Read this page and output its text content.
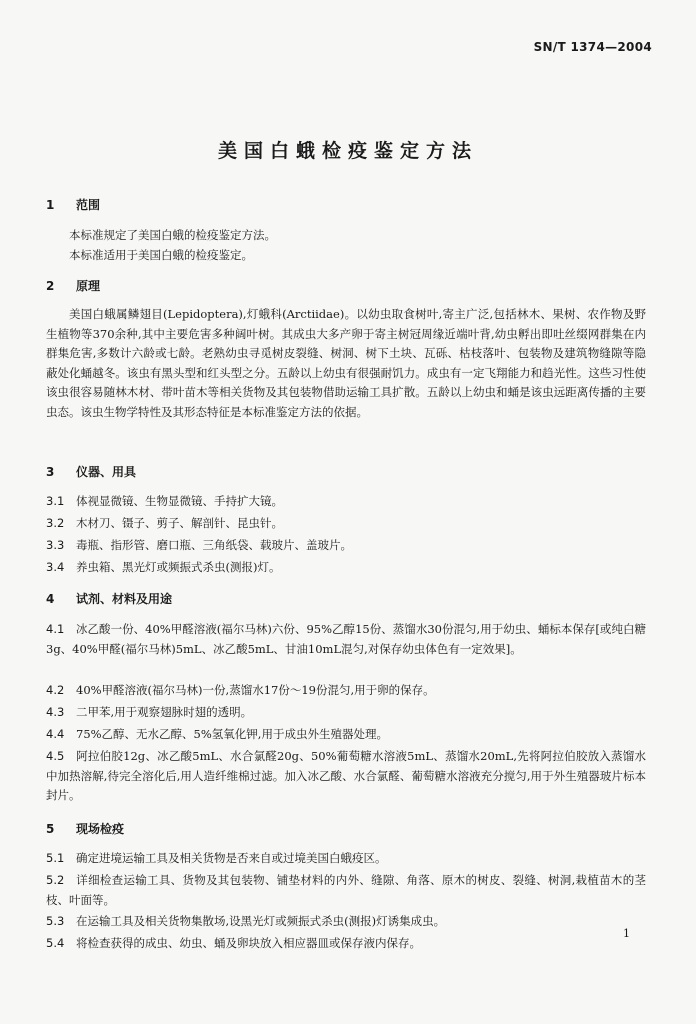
SN/T 1374—2004
美国白蛾检疫鉴定方法
1 范围
本标准规定了美国白蛾的检疫鉴定方法。
本标准适用于美国白蛾的检疫鉴定。
2 原理
美国白蛾属鳞翅目(Lepidoptera),灯蛾科(Arctiidae)。以幼虫取食树叶,寄主广泛,包括林木、果树、农作物及野生植物等370余种,其中主要危害多种阔叶树。其成虫大多产卵于寄主树冠周缘近端叶背,幼虫孵出即吐丝缀网群集在内群集危害,多数计六龄或七龄。老熟幼虫寻觅树皮裂缝、树洞、树下土块、瓦砾、枯枝落叶、包装物及建筑物缝隙等隐蔽处化蛹越冬。该虫有黑头型和红头型之分。五龄以上幼虫有很强耐饥力。成虫有一定飞翔能力和趋光性。这些习性使该虫很容易随林木材、带叶苗木等相关货物及其包装物借助运输工具扩散。五龄以上幼虫和蛹是该虫远距离传播的主要虫态。该虫生物学特性及其形态特征是本标准鉴定方法的依据。
3 仪器、用具
3.1 体视显微镜、生物显微镜、手持扩大镜。
3.2 木材刀、镊子、剪子、解剖针、昆虫针。
3.3 毒瓶、指形管、磨口瓶、三角纸袋、载玻片、盖玻片。
3.4 养虫箱、黑光灯或频振式杀虫(测报)灯。
4 试剂、材料及用途
4.1 冰乙酸一份、40%甲醛溶液(福尔马林)六份、95%乙醇15份、蒸馏水30份混匀,用于幼虫、蛹标本保存[或纯白糖3g、40%甲醛(福尔马林)5mL、冰乙酸5mL、甘油10mL混匀,对保存幼虫体色有一定效果]。
4.2 40%甲醛溶液(福尔马林)一份,蒸馏水17份～19份混匀,用于卵的保存。
4.3 二甲苯,用于观察翅脉时翅的透明。
4.4 75%乙醇、无水乙醇、5%氢氧化钾,用于成虫外生殖器处理。
4.5 阿拉伯胶12g、冰乙酸5mL、水合氯醛20g、50%葡萄糖水溶液5mL、蒸馏水20mL,先将阿拉伯胶放入蒸馏水中加热溶解,待完全溶化后,用人造纤维棉过滤。加入冰乙酸、水合氯醛、葡萄糖水溶液充分搅匀,用于外生殖器玻片标本封片。
5 现场检疫
5.1 确定进境运输工具及相关货物是否来自或过境美国白蛾疫区。
5.2 详细检查运输工具、货物及其包装物、铺垫材料的内外、缝隙、角落、原木的树皮、裂缝、树洞,栽植苗木的茎枝、叶面等。
5.3 在运输工具及相关货物集散场,设黑光灯或频振式杀虫(测报)灯诱集成虫。
5.4 将检查获得的成虫、幼虫、蛹及卵块放入相应器皿或保存液内保存。
1
